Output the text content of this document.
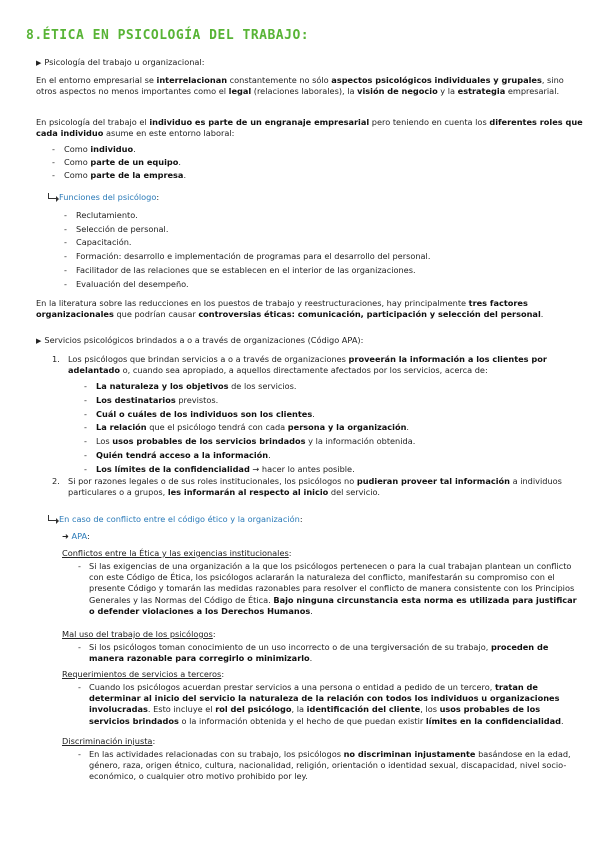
8.ÉTICA EN PSICOLOGÍA DEL TRABAJO:
▶ Psicología del trabajo u organizacional:
En el entorno empresarial se interrelacionan constantemente no sólo aspectos psicológicos individuales y grupales, sino otros aspectos no menos importantes como el legal (relaciones laborales), la visión de negocio y la estrategia empresarial.
En psicología del trabajo el individuo es parte de un engranaje empresarial pero teniendo en cuenta los diferentes roles que cada individuo asume en este entorno laboral:
- Como individuo.
- Como parte de un equipo.
- Como parte de la empresa.
Funciones del psicólogo:
- Reclutamiento.
- Selección de personal.
- Capacitación.
- Formación: desarrollo e implementación de programas para el desarrollo del personal.
- Facilitador de las relaciones que se establecen en el interior de las organizaciones.
- Evaluación del desempeño.
En la literatura sobre las reducciones en los puestos de trabajo y reestructuraciones, hay principalmente tres factores organizacionales que podrían causar controversias éticas: comunicación, participación y selección del personal.
▶ Servicios psicológicos brindados a o a través de organizaciones (Código APA):
1. Los psicólogos que brindan servicios a o a través de organizaciones proveerán la información a los clientes por adelantado o, cuando sea apropiado, a aquellos directamente afectados por los servicios, acerca de:
- La naturaleza y los objetivos de los servicios.
- Los destinatarios previstos.
- Cuál o cuáles de los individuos son los clientes.
- La relación que el psicólogo tendrá con cada persona y la organización.
- Los usos probables de los servicios brindados y la información obtenida.
- Quién tendrá acceso a la información.
- Los límites de la confidencialidad → hacer lo antes posible.
2. Si por razones legales o de sus roles institucionales, los psicólogos no pudieran proveer tal información a individuos particulares o a grupos, les informarán al respecto al inicio del servicio.
En caso de conflicto entre el código ético y la organización:
➜ APA:
Conflictos entre la Ética y las exigencias institucionales:
- Si las exigencias de una organización a la que los psicólogos pertenecen o para la cual trabajan plantean un conflicto con este Código de Ética, los psicólogos aclararán la naturaleza del conflicto, manifestarán su compromiso con el presente Código y tomarán las medidas razonables para resolver el conflicto de manera consistente con los Principios Generales y las Normas del Código de Ética. Bajo ninguna circunstancia esta norma es utilizada para justificar o defender violaciones a los Derechos Humanos.
Mal uso del trabajo de los psicólogos:
- Si los psicólogos toman conocimiento de un uso incorrecto o de una tergiversación de su trabajo, proceden de manera razonable para corregirlo o minimizarlo.
Requerimientos de servicios a terceros:
- Cuando los psicólogos acuerdan prestar servicios a una persona o entidad a pedido de un tercero, tratan de determinar al inicio del servicio la naturaleza de la relación con todos los individuos u organizaciones involucradas. Esto incluye el rol del psicólogo, la identificación del cliente, los usos probables de los servicios brindados o la información obtenida y el hecho de que puedan existir límites en la confidencialidad.
Discriminación injusta:
- En las actividades relacionadas con su trabajo, los psicólogos no discriminan injustamente basándose en la edad, género, raza, origen étnico, cultura, nacionalidad, religión, orientación o identidad sexual, discapacidad, nivel socio-económico, o cualquier otro motivo prohibido por ley.
